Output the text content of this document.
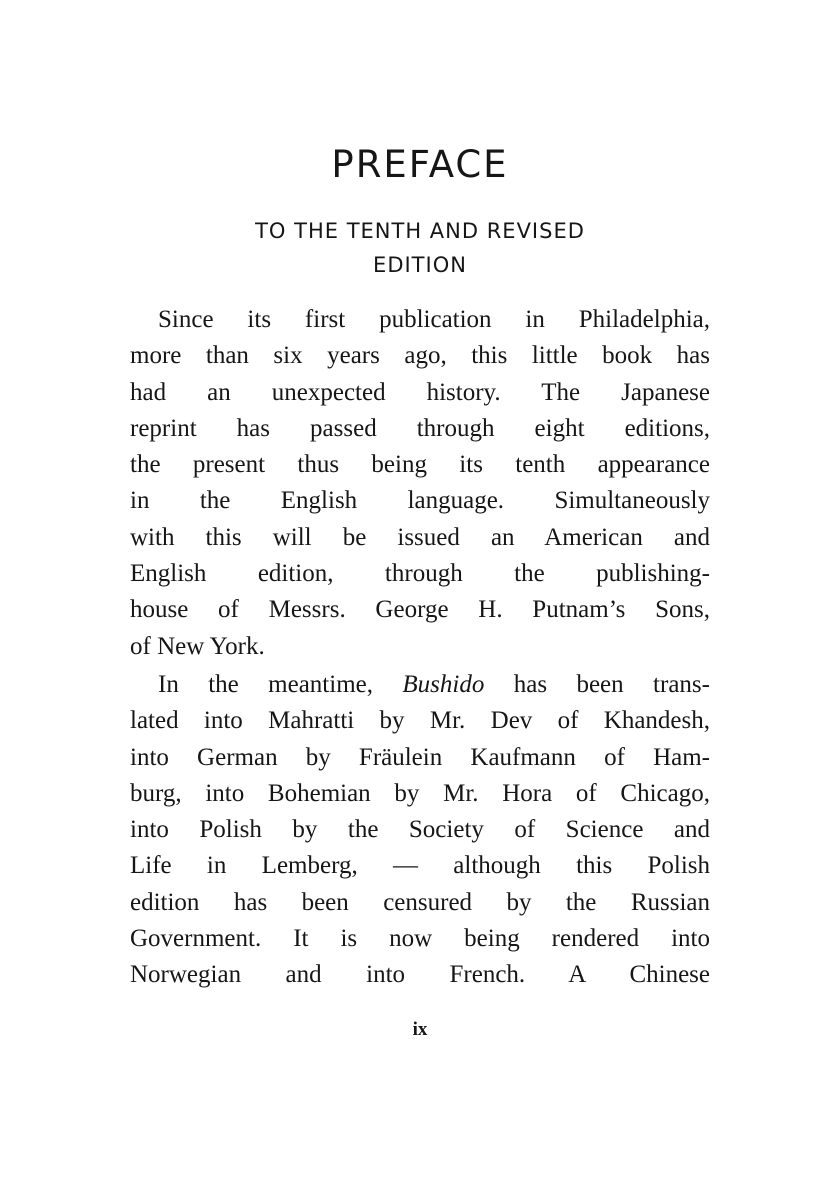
PREFACE
TO THE TENTH AND REVISED
EDITION
Since its first publication in Philadelphia,
more than six years ago, this little book has
had an unexpected history. The Japanese
reprint has passed through eight editions,
the present thus being its tenth appearance
in the English language. Simultaneously
with this will be issued an American and
English edition, through the publishing-
house of Messrs. George H. Putnam’s Sons,
of New York.
In the meantime, Bushido has been trans-
lated into Mahratti by Mr. Dev of Khandesh,
into German by Fräulein Kaufmann of Ham-
burg, into Bohemian by Mr. Hora of Chicago,
into Polish by the Society of Science and
Life in Lemberg, — although this Polish
edition has been censured by the Russian
Government. It is now being rendered into
Norwegian and into French. A Chinese
ix
